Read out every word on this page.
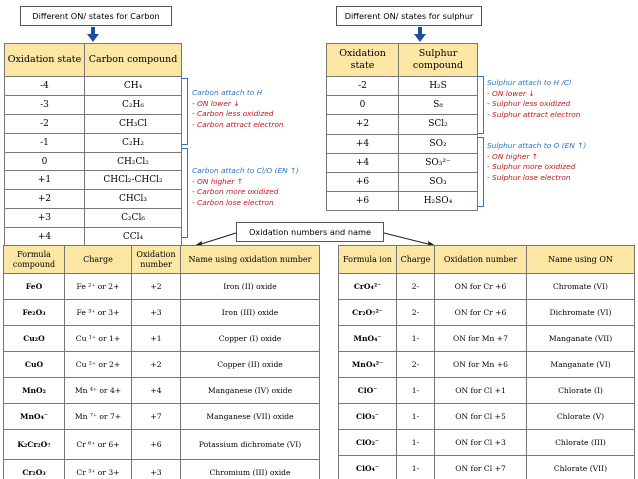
Different ON/ states for Carbon	Different ON/ states for sulphur
Oxidation state	Carbon compound
-4	CH₄
-3	C₂H₆
-2	CH₃Cl
-1	C₂H₂
0	CH₂Cl₂
+1	CHCl₂-CHCl₂
+2	CHCl₃
+3	C₂Cl₆
+4	CCl₄
Oxidation state	Sulphur compound
-2	H₂S
0	S₈
+2	SCl₂
+4	SO₂
+4	SO₃²⁻
+6	SO₃
+6	H₂SO₄
Carbon attach to H
- ON lower ↓
- Carbon less oxidized
- Carbon attract electron
Carbon attach to Cl/O (EN ↑)
- ON higher ↑
- Carbon more oxidized
- Carbon lose electron
Sulphur attach to H /Cl
- ON lower ↓
- Sulphur less oxidized
- Sulphur attract electron
Sulphur attach to O (EN ↑)
- ON higher ↑
- Sulphur more oxidized
- Sulphur lose electron
Oxidation numbers and name
Formula compound	Charge	Oxidation number	Name using oxidation number
FeO	Fe ²⁺ or 2+	+2	Iron (II) oxide
Fe₂O₃	Fe ³⁺ or 3+	+3	Iron (III) oxide
Cu₂O	Cu ¹⁺ or 1+	+1	Copper (I) oxide
CuO	Cu ²⁺ or 2+	+2	Copper (II) oxide
MnO₂	Mn ⁴⁺ or 4+	+4	Manganese (IV) oxide
MnO₄⁻	Mn ⁷⁺ or 7+	+7	Manganese (VII) oxide
K₂Cr₂O₇	Cr ⁶⁺ or 6+	+6	Potassium dichromate (VI)
Cr₂O₃	Cr ³⁺ or 3+	+3	Chromium (III) oxide
Formula ion	Charge	Oxidation number	Name using ON
CrO₄²⁻	2-	ON for Cr +6	Chromate (VI)
Cr₂O₇²⁻	2-	ON for Cr +6	Dichromate (VI)
MnO₄⁻	1-	ON for Mn +7	Manganate (VII)
MnO₄²⁻	2-	ON for Mn +6	Manganate (VI)
ClO⁻	1-	ON for Cl +1	Chlorate (I)
ClO₃⁻	1-	ON for Cl +5	Chlorate (V)
ClO₂⁻	1-	ON for Cl +3	Chlorate (III)
ClO₄⁻	1-	ON for Cl +7	Chlorate (VII)
